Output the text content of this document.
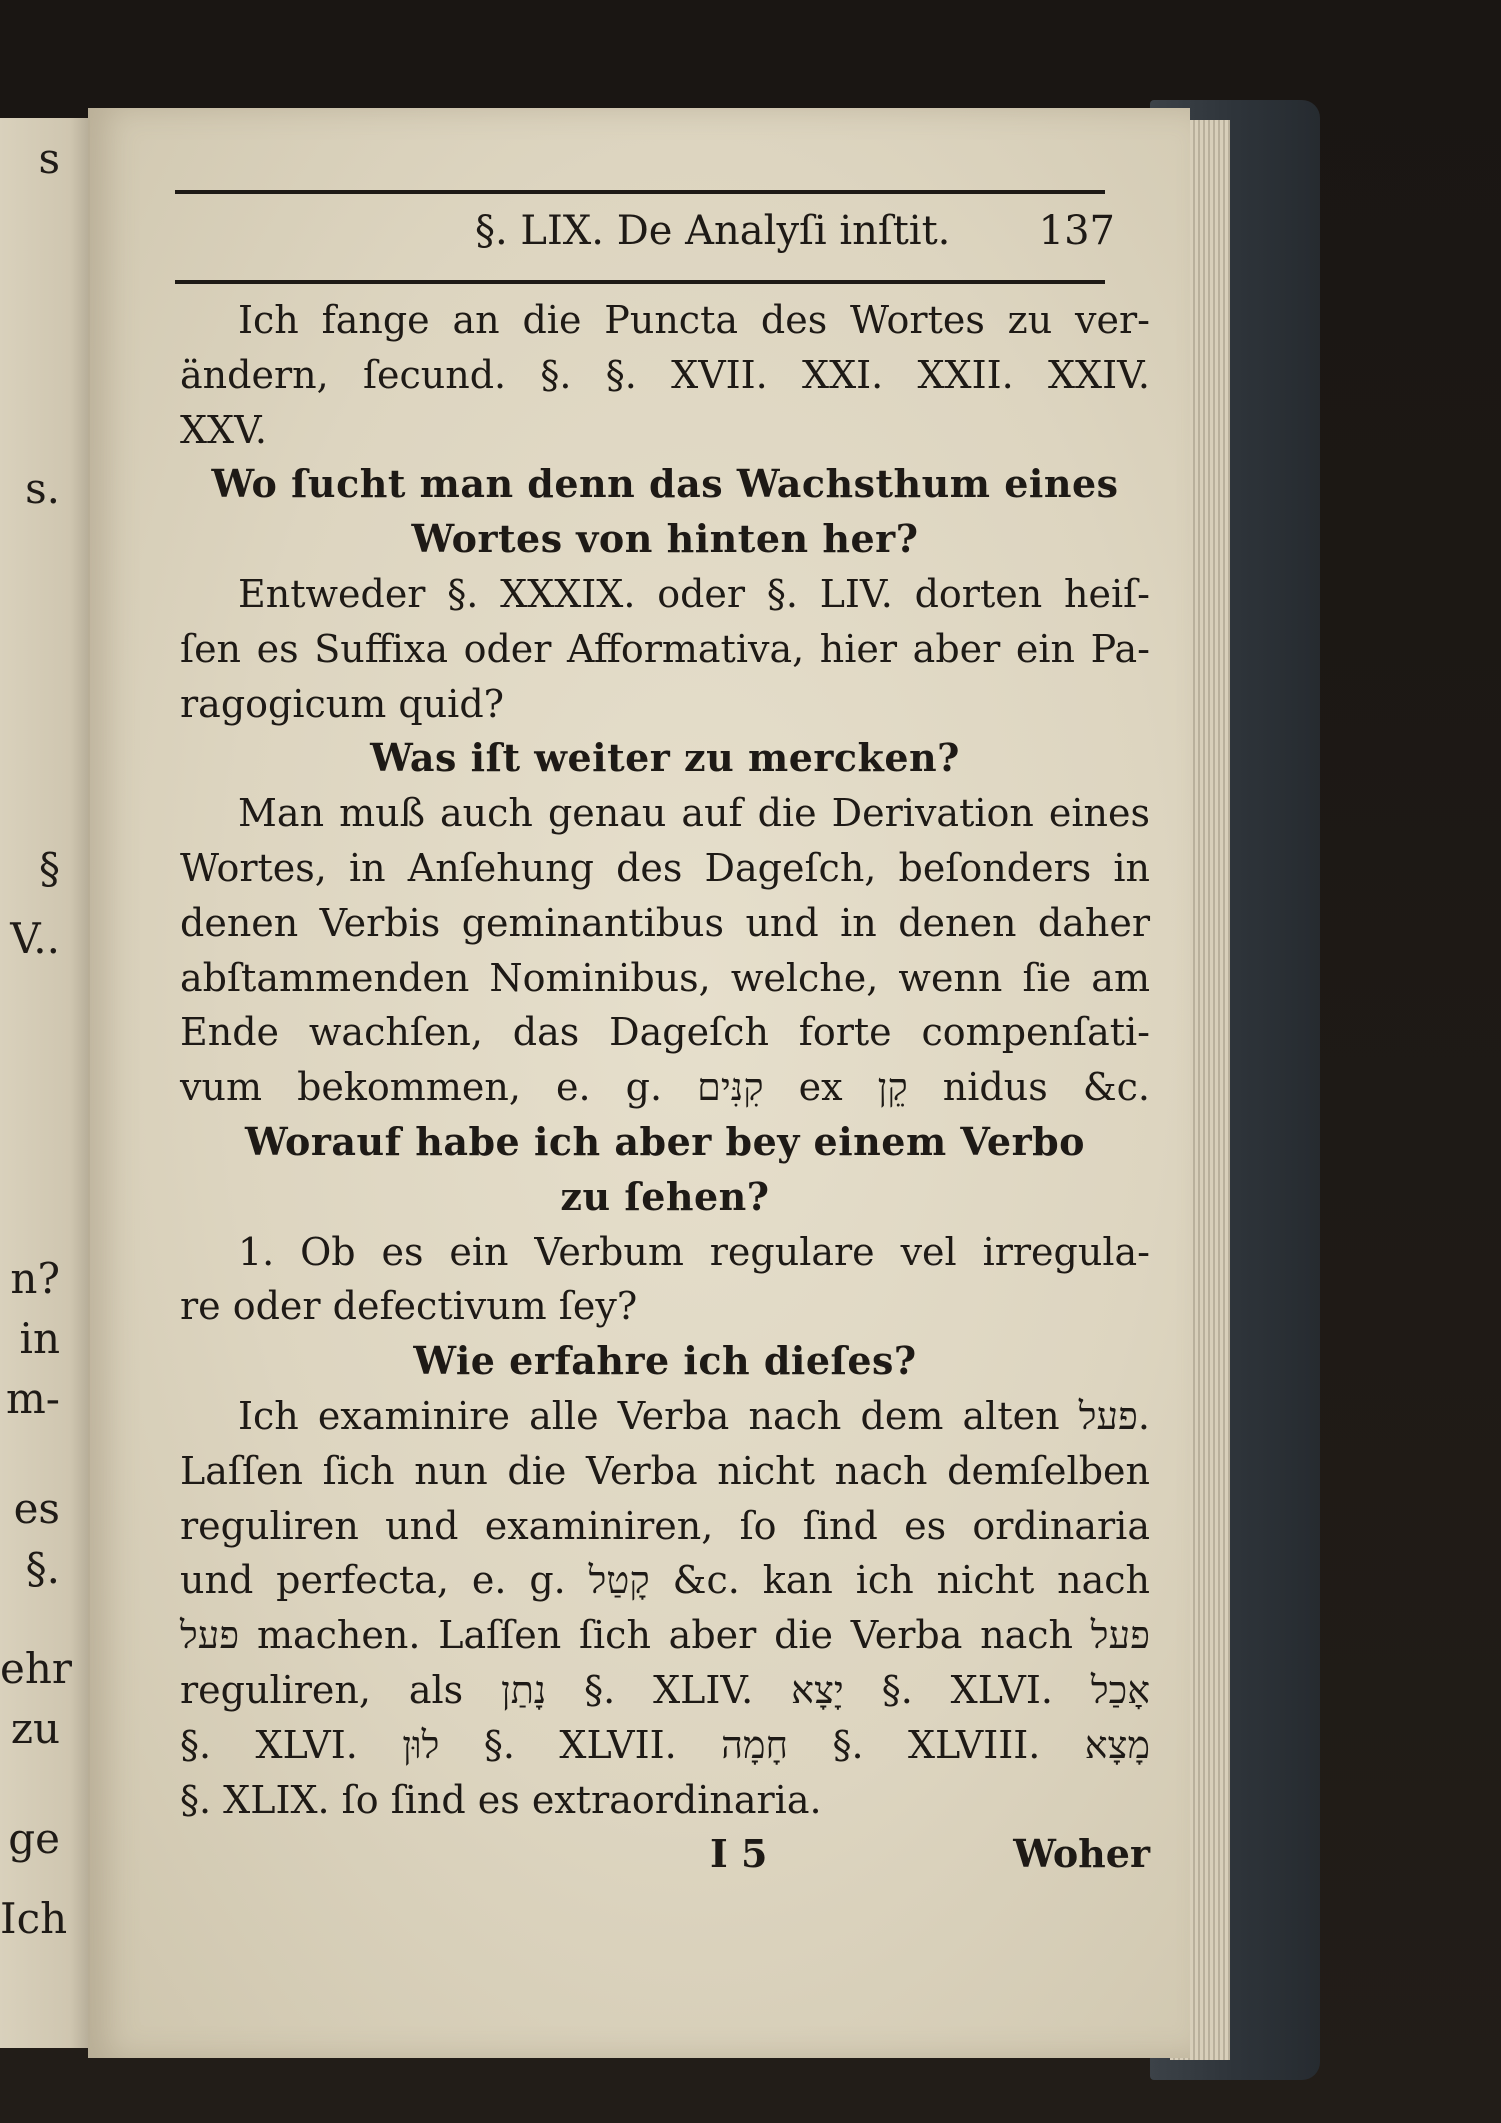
s
s.
§
V..
n?
in
m-
es
§.
ehr
zu
ge
Ich
§. LIX. De Analyſi inſtit. 137
Ich fange an die Puncta des Wortes zu ver-
ändern, ſecund. §. §. XVII. XXI. XXII. XXIV.
XXV.
Wo ſucht man denn das Wachsthum eines
Wortes von hinten her?
Entweder §. XXXIX. oder §. LIV. dorten heiſ-
ſen es Suffixa oder Afformativa, hier aber ein Pa-
ragogicum quid?
Was iſt weiter zu mercken?
Man muß auch genau auf die Derivation eines
Wortes, in Anſehung des Dageſch, beſonders in
denen Verbis geminantibus und in denen daher
abſtammenden Nominibus, welche, wenn ſie am
Ende wachſen, das Dageſch forte compenſati-
vum bekommen, e. g. קִנִּים ex קֵן nidus &c.
Worauf habe ich aber bey einem Verbo
zu ſehen?
1. Ob es ein Verbum regulare vel irregula-
re oder defectivum ſey?
Wie erfahre ich dieſes?
Ich examinire alle Verba nach dem alten פעל.
Laſſen ſich nun die Verba nicht nach demſelben
reguliren und examiniren, ſo ſind es ordinaria
und perfecta, e. g. קָטַל &c. kan ich nicht nach
פעל machen. Laſſen ſich aber die Verba nach פעל
reguliren, als נָתַן §. XLIV. יָצָא §. XLVI. אָכַל
§. XLVI. לוּן §. XLVII. חָמָה §. XLVIII. מָצָא
§. XLIX. ſo ſind es extraordinaria.
I 5	Woher
